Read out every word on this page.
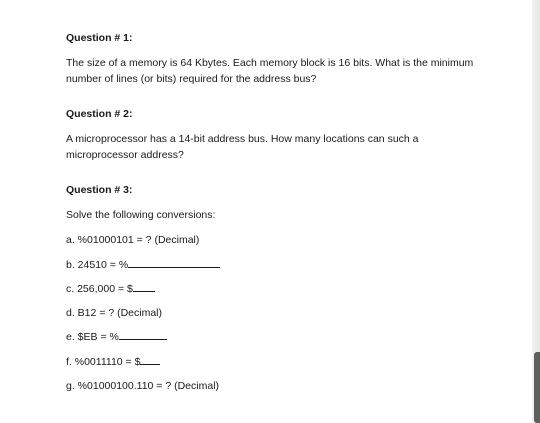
Question # 1:

The size of a memory is 64 Kbytes. Each memory block is 16 bits. What is the minimum number of lines (or bits) required for the address bus?

Question # 2:

A microprocessor has a 14-bit address bus. How many locations can such a microprocessor address?

Question # 3:

Solve the following conversions:

a. %01000101 = ? (Decimal)
b. 24510 = %
c. 256,000 = $
d. B12 = ? (Decimal)
e. $EB = %
f. %0011110 = $
g. %01000100.110 = ? (Decimal)
